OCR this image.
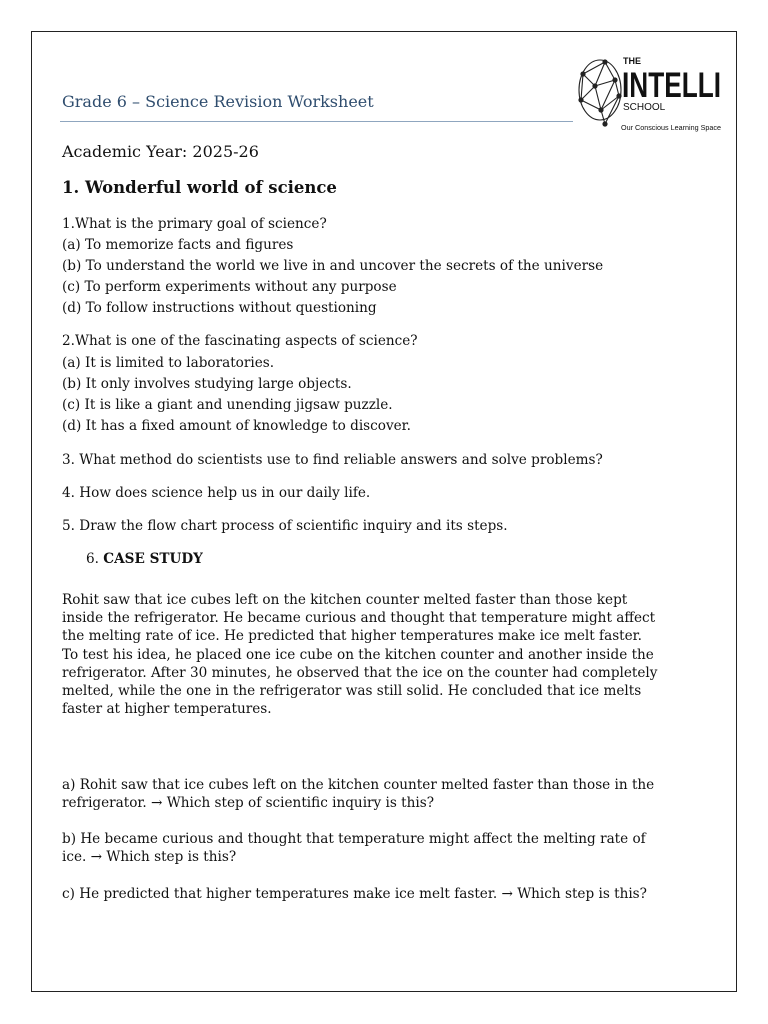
Grade 6 – Science Revision Worksheet
THE
INTELLI
SCHOOL
Our Conscious Learning Space
Academic Year: 2025-26
1. Wonderful world of science
1.What is the primary goal of science?
(a) To memorize facts and figures
(b) To understand the world we live in and uncover the secrets of the universe
(c) To perform experiments without any purpose
(d) To follow instructions without questioning
2.What is one of the fascinating aspects of science?
(a) It is limited to laboratories.
(b) It only involves studying large objects.
(c) It is like a giant and unending jigsaw puzzle.
(d) It has a fixed amount of knowledge to discover.
3. What method do scientists use to find reliable answers and solve problems?
4. How does science help us in our daily life.
5. Draw the flow chart process of scientific inquiry and its steps.
6. CASE STUDY
Rohit saw that ice cubes left on the kitchen counter melted faster than those kept inside the refrigerator. He became curious and thought that temperature might affect the melting rate of ice. He predicted that higher temperatures make ice melt faster. To test his idea, he placed one ice cube on the kitchen counter and another inside the refrigerator. After 30 minutes, he observed that the ice on the counter had completely melted, while the one in the refrigerator was still solid. He concluded that ice melts faster at higher temperatures.
a) Rohit saw that ice cubes left on the kitchen counter melted faster than those in the refrigerator. → Which step of scientific inquiry is this?
b) He became curious and thought that temperature might affect the melting rate of ice. → Which step is this?
c) He predicted that higher temperatures make ice melt faster. → Which step is this?
